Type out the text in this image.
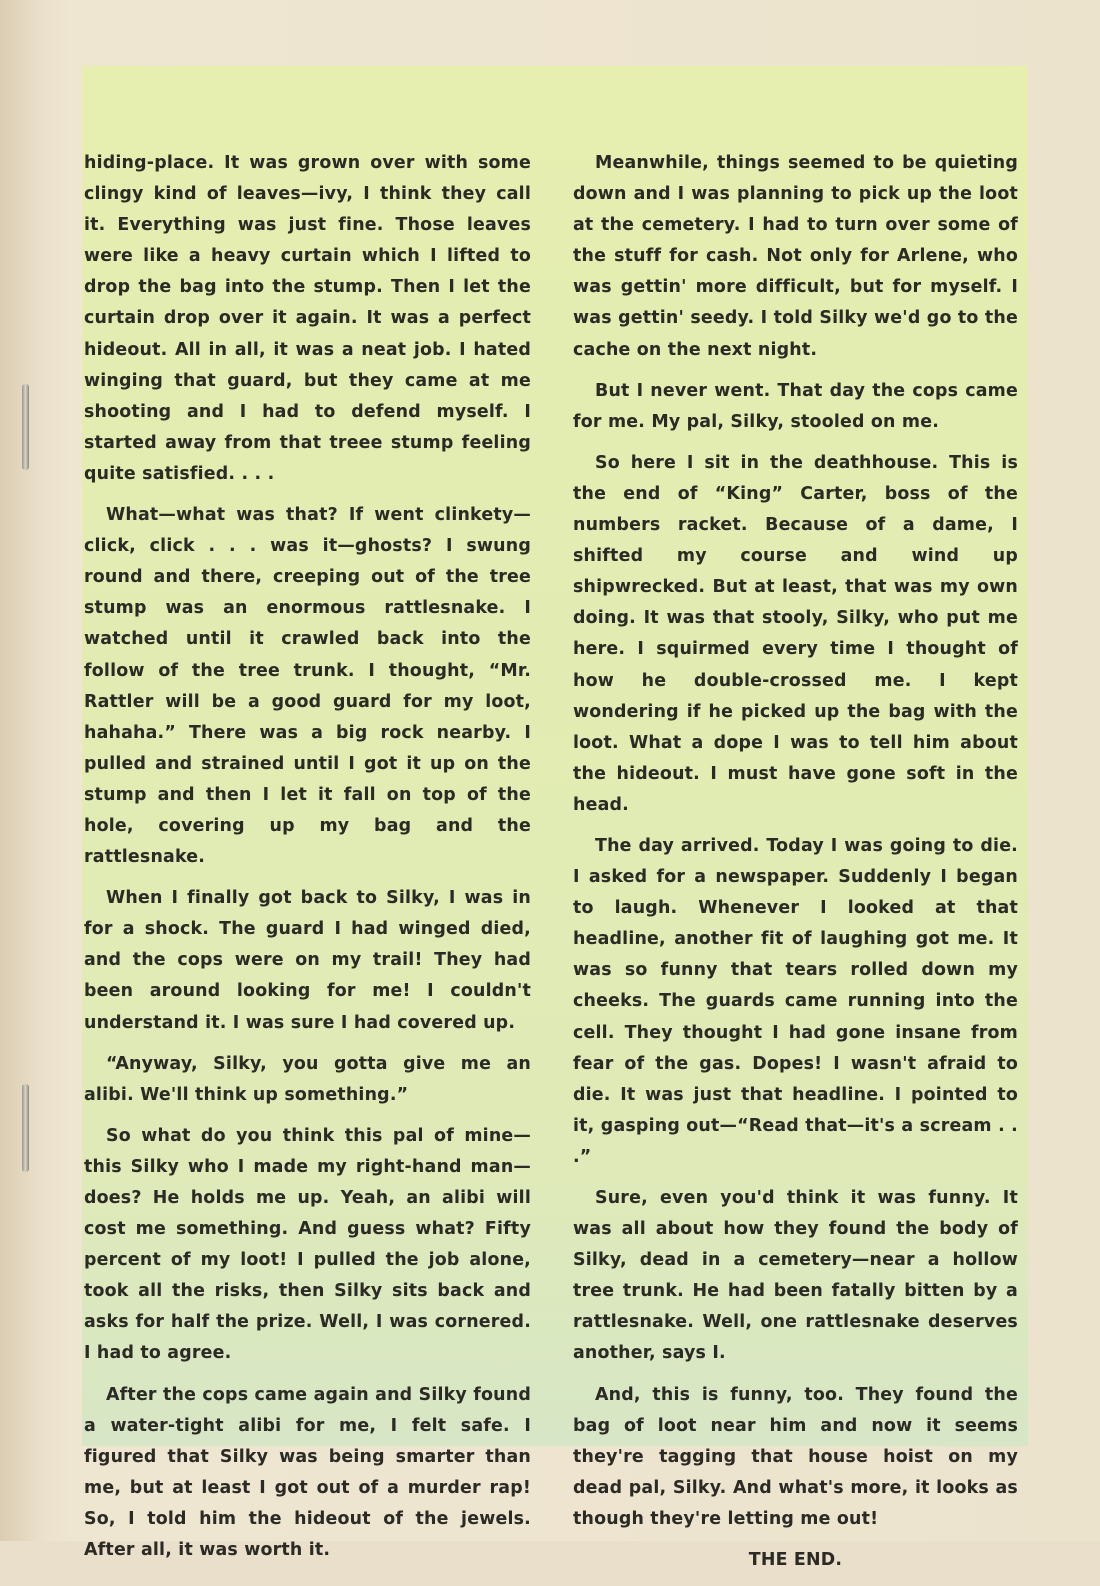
hiding-place. It was grown over with some clingy kind of leaves—ivy, I think they call it. Everything was just fine. Those leaves were like a heavy curtain which I lifted to drop the bag into the stump. Then I let the curtain drop over it again. It was a perfect hideout. All in all, it was a neat job. I hated winging that guard, but they came at me shooting and I had to defend myself. I started away from that treee stump feeling quite satisfied. . . .

What—what was that? If went clinkety—click, click . . . was it—ghosts? I swung round and there, creeping out of the tree stump was an enormous rattlesnake. I watched until it crawled back into the follow of the tree trunk. I thought, “Mr. Rattler will be a good guard for my loot, hahaha.” There was a big rock nearby. I pulled and strained until I got it up on the stump and then I let it fall on top of the hole, covering up my bag and the rattlesnake.

When I finally got back to Silky, I was in for a shock. The guard I had winged died, and the cops were on my trail! They had been around looking for me! I couldn't understand it. I was sure I had covered up.

“Anyway, Silky, you gotta give me an alibi. We'll think up something.”

So what do you think this pal of mine—this Silky who I made my right-hand man—does? He holds me up. Yeah, an alibi will cost me something. And guess what? Fifty percent of my loot! I pulled the job alone, took all the risks, then Silky sits back and asks for half the prize. Well, I was cornered. I had to agree.

After the cops came again and Silky found a water-tight alibi for me, I felt safe. I figured that Silky was being smarter than me, but at least I got out of a murder rap! So, I told him the hideout of the jewels. After all, it was worth it.

Meanwhile, things seemed to be quieting down and I was planning to pick up the loot at the cemetery. I had to turn over some of the stuff for cash. Not only for Arlene, who was gettin' more difficult, but for myself. I was gettin' seedy. I told Silky we'd go to the cache on the next night.

But I never went. That day the cops came for me. My pal, Silky, stooled on me.

So here I sit in the deathhouse. This is the end of “King” Carter, boss of the numbers racket. Because of a dame, I shifted my course and wind up shipwrecked. But at least, that was my own doing. It was that stooly, Silky, who put me here. I squirmed every time I thought of how he double-crossed me. I kept wondering if he picked up the bag with the loot. What a dope I was to tell him about the hideout. I must have gone soft in the head.

The day arrived. Today I was going to die. I asked for a newspaper. Suddenly I began to laugh. Whenever I looked at that headline, another fit of laughing got me. It was so funny that tears rolled down my cheeks. The guards came running into the cell. They thought I had gone insane from fear of the gas. Dopes! I wasn't afraid to die. It was just that headline. I pointed to it, gasping out—“Read that—it's a scream . . .”

Sure, even you'd think it was funny. It was all about how they found the body of Silky, dead in a cemetery—near a hollow tree trunk. He had been fatally bitten by a rattlesnake. Well, one rattlesnake deserves another, says I.

And, this is funny, too. They found the bag of loot near him and now it seems they're tagging that house hoist on my dead pal, Silky. And what's more, it looks as though they're letting me out!

THE END.
